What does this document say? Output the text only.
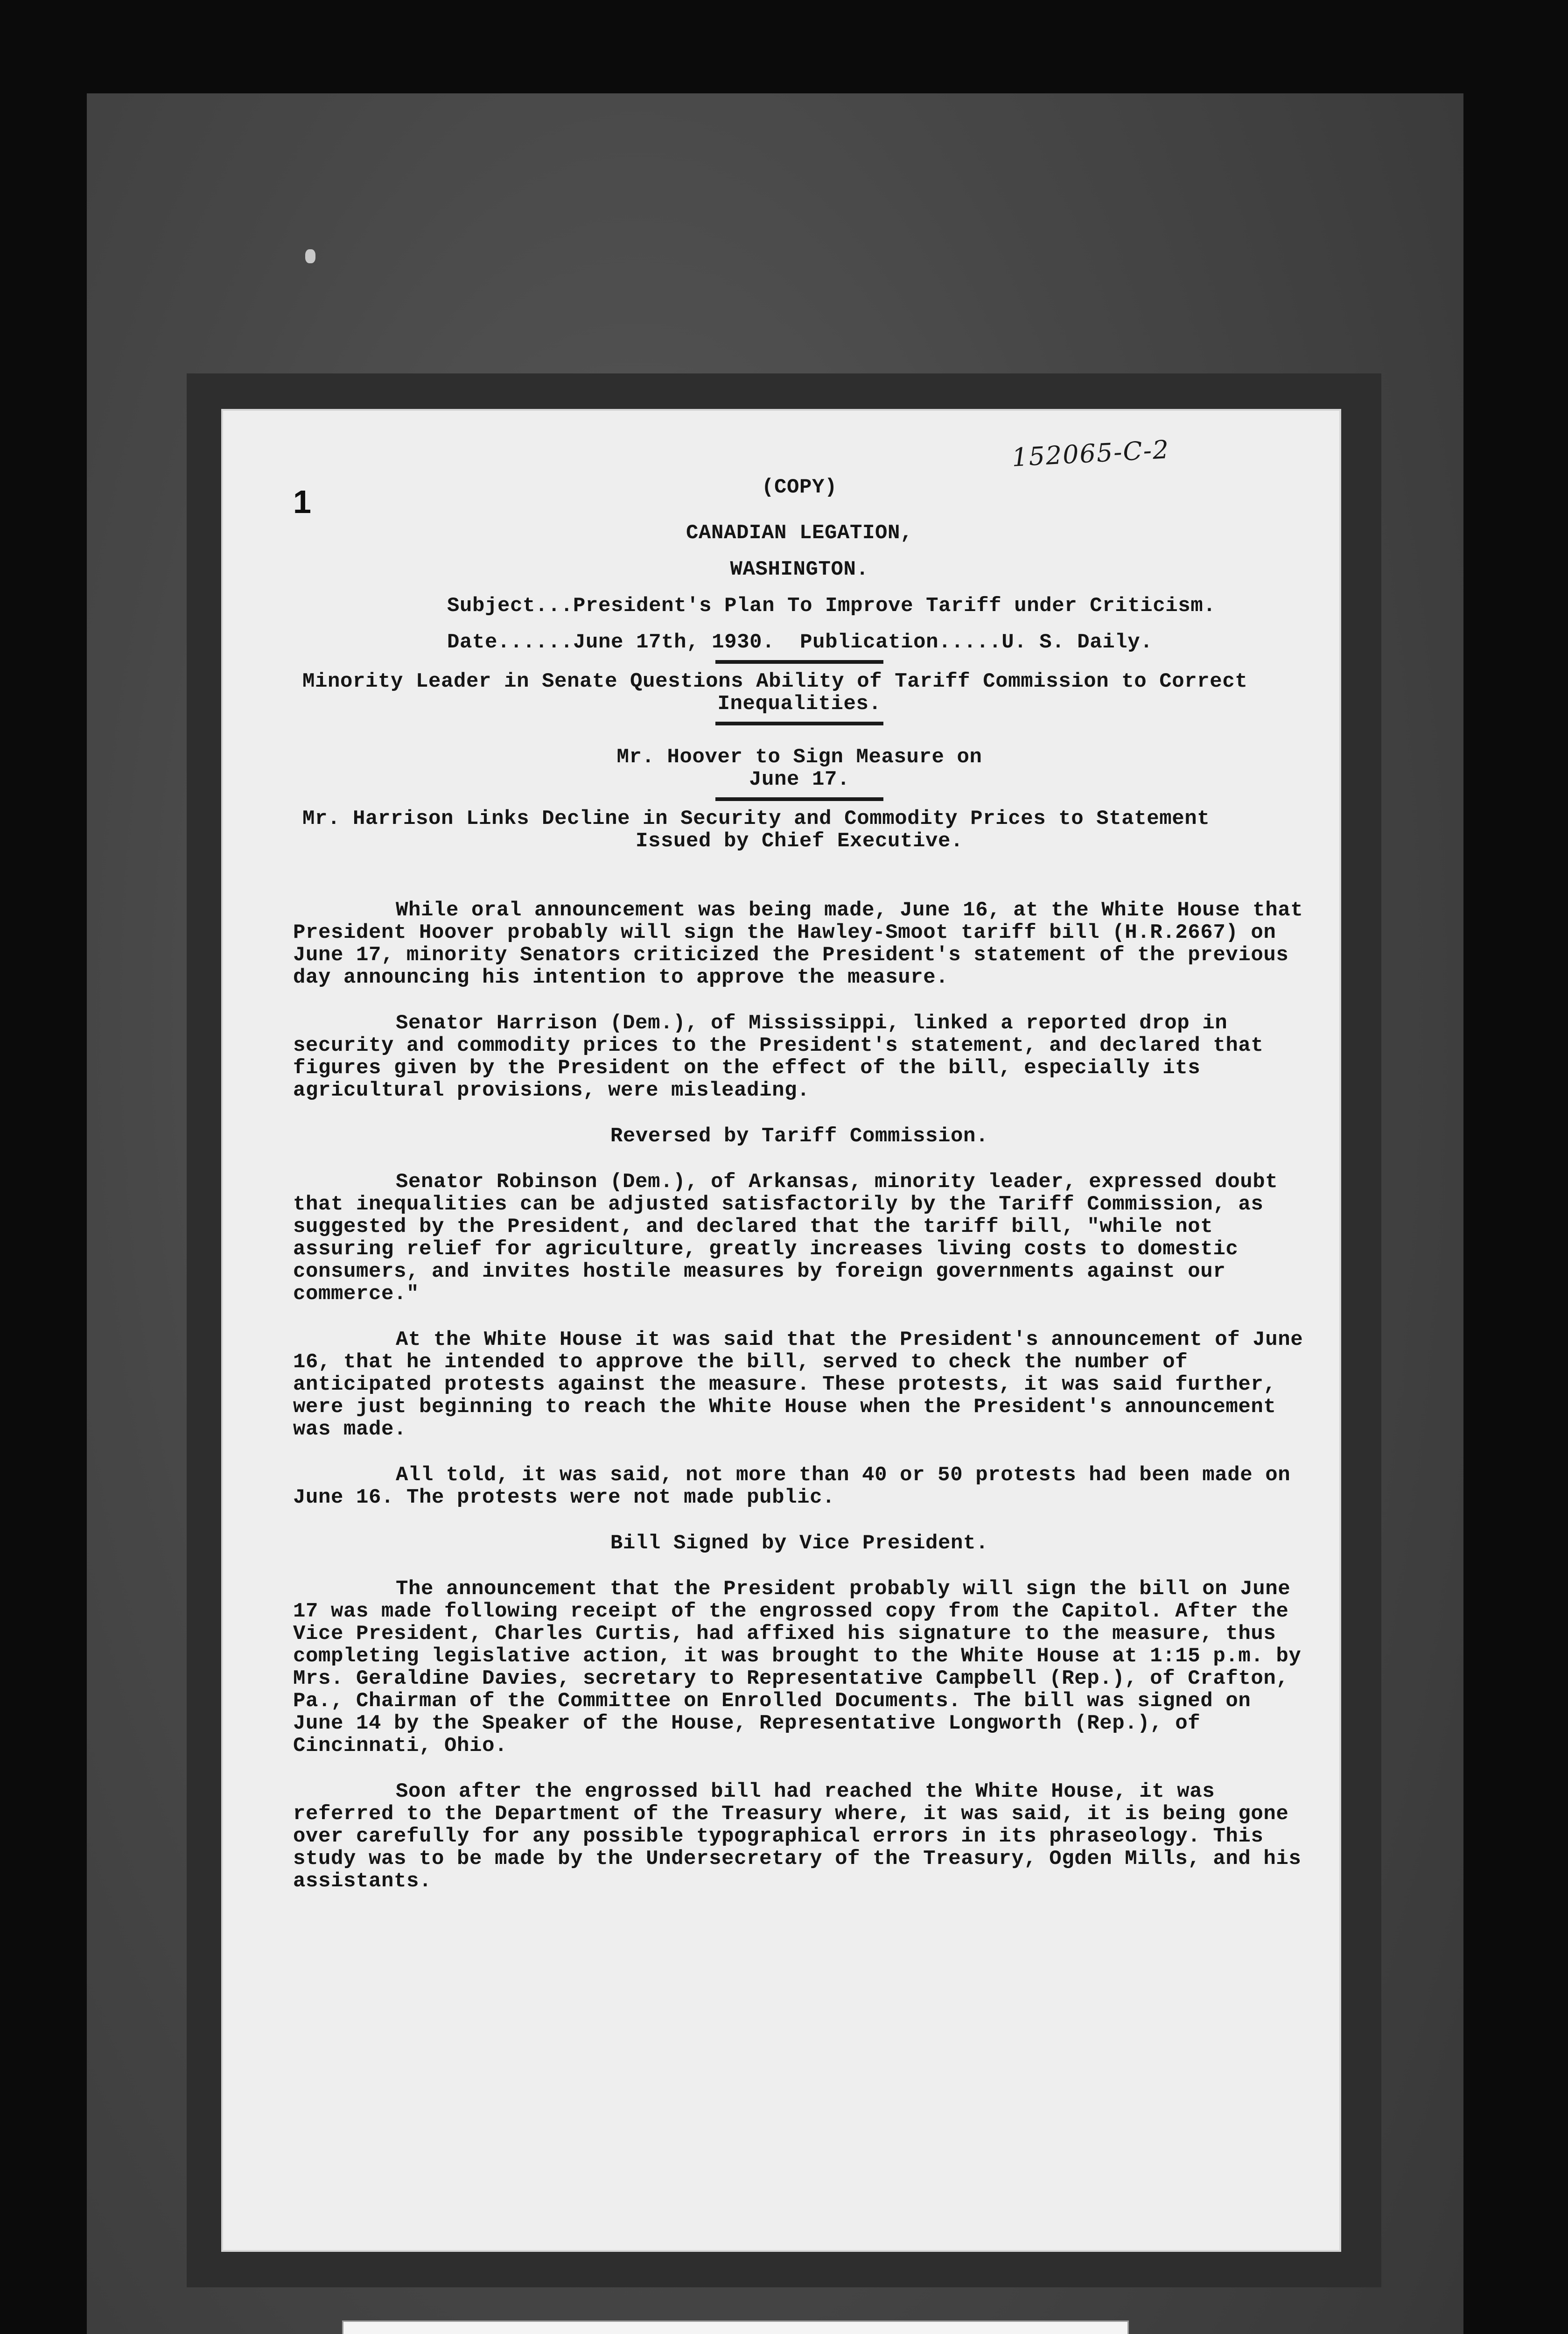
1
152065-C-2

(COPY)

CANADIAN LEGATION,

WASHINGTON.

Subject...President's Plan To Improve Tariff under Criticism.

Date......June 17th, 1930.  Publication.....U. S. Daily.

Minority Leader in Senate Questions Ability of Tariff Commission to Correct

Inequalities.

Mr. Hoover to Sign Measure on

June 17.

Mr. Harrison Links Decline in Security and Commodity Prices to Statement

Issued by Chief Executive.

While oral announcement was being made, June 16, at the White House that President Hoover probably will sign the Hawley-Smoot tariff bill (H.R.2667) on June 17, minority Senators criticized the President's statement of the previous day announcing his intention to approve the measure.

Senator Harrison (Dem.), of Mississippi, linked a reported drop in security and commodity prices to the President's statement, and declared that figures given by the President on the effect of the bill, especially its agricultural provisions, were misleading.

Reversed by Tariff Commission.

Senator Robinson (Dem.), of Arkansas, minority leader, expressed doubt that inequalities can be adjusted satisfactorily by the Tariff Commission, as suggested by the President, and declared that the tariff bill, "while not assuring relief for agriculture, greatly increases living costs to domestic consumers, and invites hostile measures by foreign governments against our commerce."

At the White House it was said that the President's announcement of June 16, that he intended to approve the bill, served to check the number of anticipated protests against the measure. These protests, it was said further, were just beginning to reach the White House when the President's announcement was made.

All told, it was said, not more than 40 or 50 protests had been made on June 16. The protests were not made public.

Bill Signed by Vice President.

The announcement that the President probably will sign the bill on June 17 was made following receipt of the engrossed copy from the Capitol. After the Vice President, Charles Curtis, had affixed his signature to the measure, thus completing legislative action, it was brought to the White House at 1:15 p.m. by Mrs. Geraldine Davies, secretary to Representative Campbell (Rep.), of Crafton, Pa., Chairman of the Committee on Enrolled Documents. The bill was signed on June 14 by the Speaker of the House, Representative Longworth (Rep.), of Cincinnati, Ohio.

Soon after the engrossed bill had reached the White House, it was referred to the Department of the Treasury where, it was said, it is being gone over carefully for any possible typographical errors in its phraseology. This study was to be made by the Undersecretary of the Treasury, Ogden Mills, and his assistants.
